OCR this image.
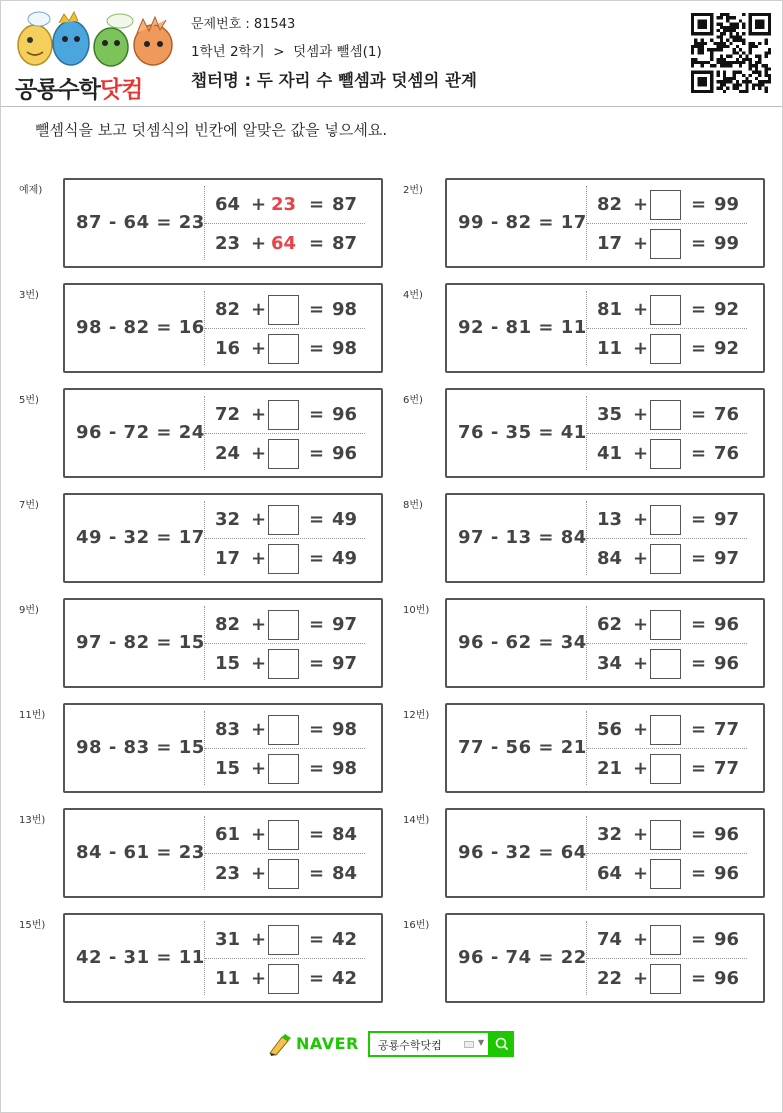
공룡수학닷컴
문제번호 : 81543
1학년 2학기 > 덧셈과 뺄셈(1)
챕터명 : 두 자리 수 뺄셈과 덧셈의 관계
뺄셈식을 보고 덧셈식의 빈칸에 알맞은 값을 넣으세요.
예제)
87 - 64 = 23
64 + 23 = 87
23 + 64 = 87
2번)
99 - 82 = 17
82 + = 99
17 + = 99
3번)
98 - 82 = 16
82 + = 98
16 + = 98
4번)
92 - 81 = 11
81 + = 92
11 + = 92
5번)
96 - 72 = 24
72 + = 96
24 + = 96
6번)
76 - 35 = 41
35 + = 76
41 + = 76
7번)
49 - 32 = 17
32 + = 49
17 + = 49
8번)
97 - 13 = 84
13 + = 97
84 + = 97
9번)
97 - 82 = 15
82 + = 97
15 + = 97
10번)
96 - 62 = 34
62 + = 96
34 + = 96
11번)
98 - 83 = 15
83 + = 98
15 + = 98
12번)
77 - 56 = 21
56 + = 77
21 + = 77
13번)
84 - 61 = 23
61 + = 84
23 + = 84
14번)
96 - 32 = 64
32 + = 96
64 + = 96
15번)
42 - 31 = 11
31 + = 42
11 + = 42
16번)
96 - 74 = 22
74 + = 96
22 + = 96
NAVER 공룡수학닷컴	▼
